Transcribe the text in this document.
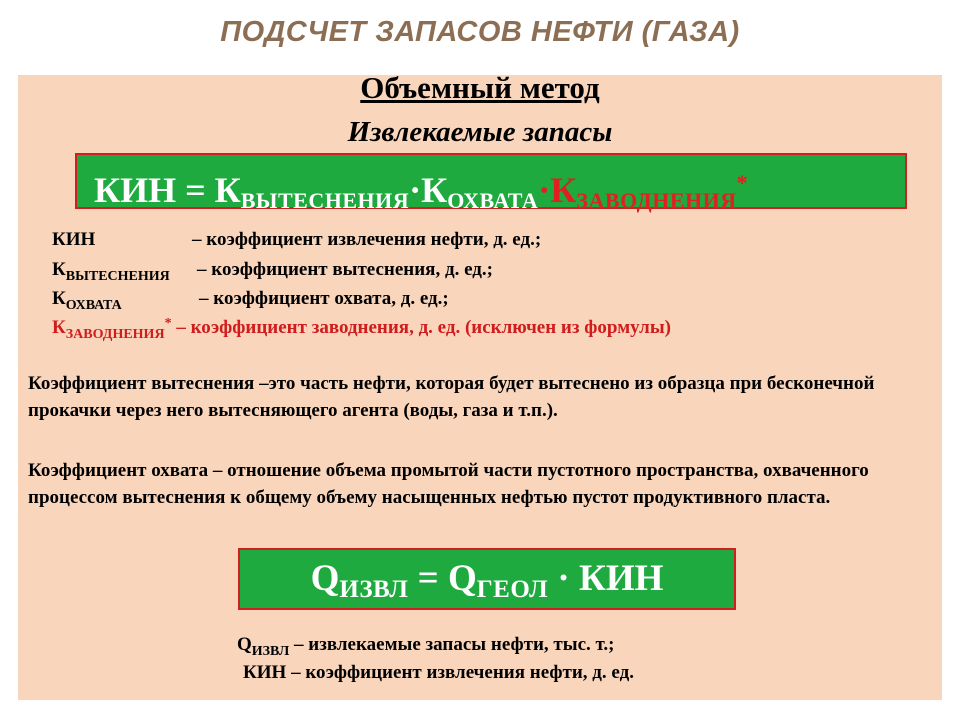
ПОДСЧЕТ ЗАПАСОВ НЕФТИ (ГАЗА)
Объемный метод
Извлекаемые запасы
КИН = $К_{ВЫТЕСНЕНИЯ}\cdot К_{ОХВАТА}\cdot К_{ЗАВОДНЕНИЯ}^*$
КИН	– коэффициент извлечения нефти, д. ед.;
$К_{ВЫТЕСНЕНИЯ}$ – коэффициент вытеснения, д. ед.;
$К_{ОХВАТА}$	– коэффициент охвата, д. ед.;
$К_{ЗАВОДНЕНИЯ}^*$ – коэффициент заводнения, д. ед. (исключен из формулы)
Коэффициент вытеснения –это часть нефти, которая будет вытеснено из образца при бесконечной прокачки через него вытесняющего агента (воды, газа и т.п.).
Коэффициент охвата – отношение объема промытой части пустотного пространства, охваченного процессом вытеснения к общему объему насыщенных нефтью пустот продуктивного пласта.
$Q_{ИЗВЛ} = Q_{ГЕОЛ}$ · КИН
$Q_{ИЗВЛ}$ – извлекаемые запасы нефти, тыс. т.;
КИН – коэффициент извлечения нефти, д. ед.
